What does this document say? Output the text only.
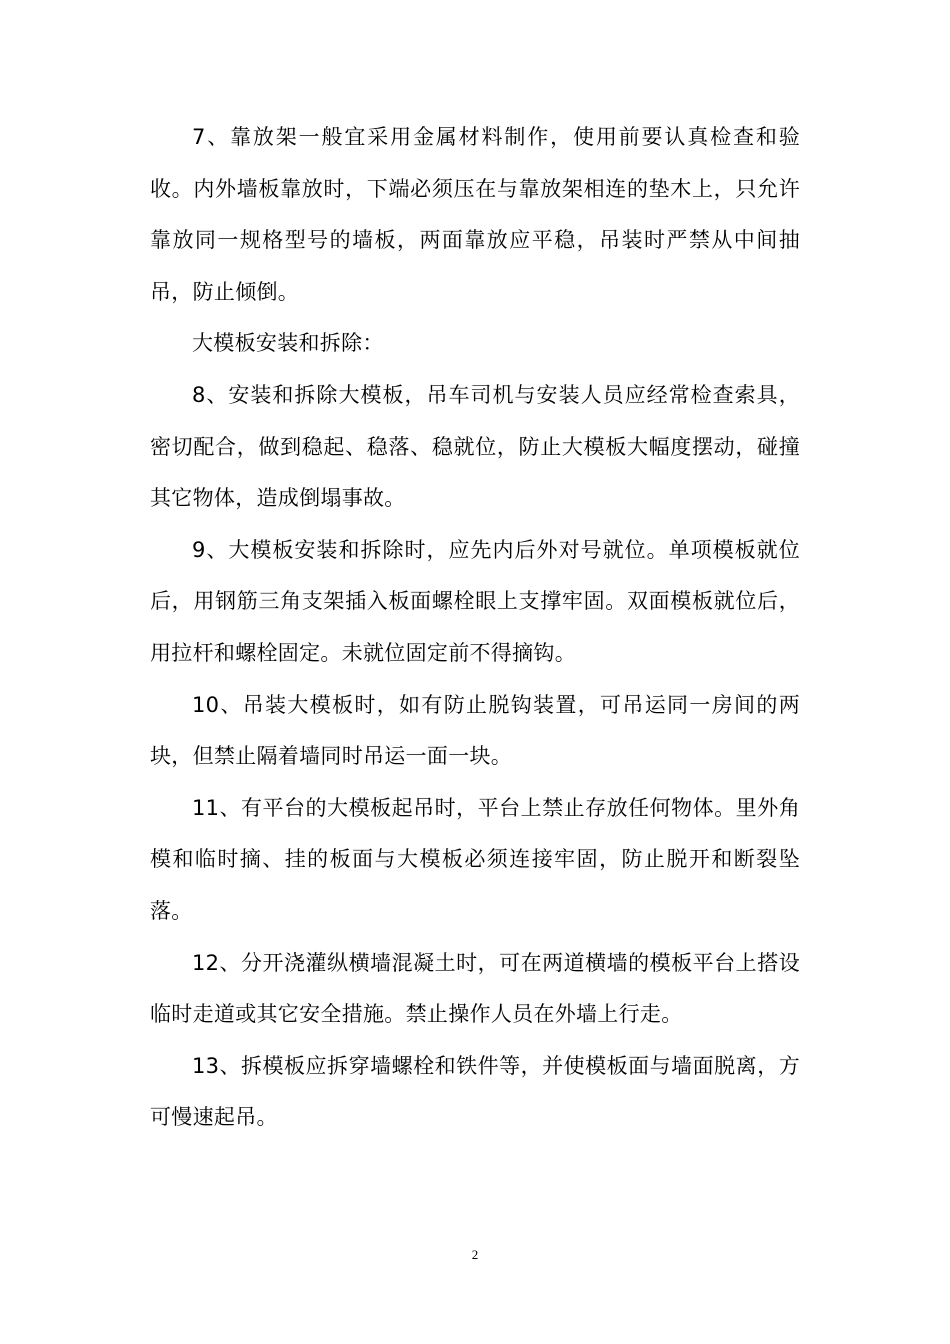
7、靠放架一般宜采用金属材料制作，使用前要认真检查和验收。内外墙板靠放时，下端必须压在与靠放架相连的垫木上，只允许靠放同一规格型号的墙板，两面靠放应平稳，吊装时严禁从中间抽吊，防止倾倒。

大模板安装和拆除：

8、安装和拆除大模板，吊车司机与安装人员应经常检查索具，密切配合，做到稳起、稳落、稳就位，防止大模板大幅度摆动，碰撞其它物体，造成倒塌事故。

9、大模板安装和拆除时，应先内后外对号就位。单项模板就位后，用钢筋三角支架插入板面螺栓眼上支撑牢固。双面模板就位后，用拉杆和螺栓固定。未就位固定前不得摘钩。

10、吊装大模板时，如有防止脱钩装置，可吊运同一房间的两块，但禁止隔着墙同时吊运一面一块。

11、有平台的大模板起吊时，平台上禁止存放任何物体。里外角模和临时摘、挂的板面与大模板必须连接牢固，防止脱开和断裂坠落。

12、分开浇灌纵横墙混凝土时，可在两道横墙的模板平台上搭设临时走道或其它安全措施。禁止操作人员在外墙上行走。

13、拆模板应拆穿墙螺栓和铁件等，并使模板面与墙面脱离，方可慢速起吊。

2
